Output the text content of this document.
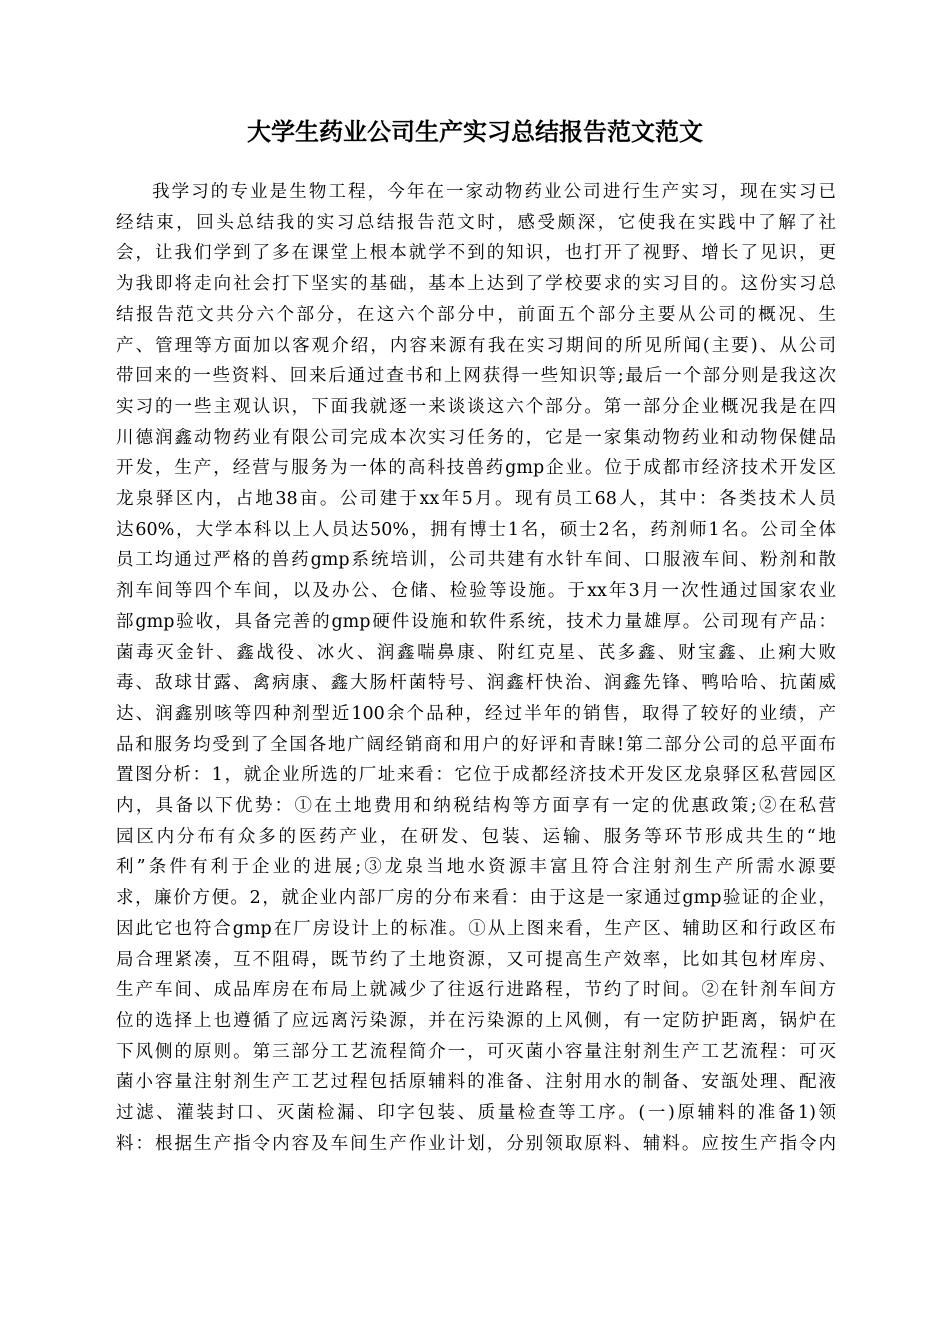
大学生药业公司生产实习总结报告范文范文
我学习的专业是生物工程，今年在一家动物药业公司进行生产实习，现在实习已
经结束，回头总结我的实习总结报告范文时，感受颇深，它使我在实践中了解了社
会，让我们学到了多在课堂上根本就学不到的知识，也打开了视野、增长了见识，更
为我即将走向社会打下坚实的基础，基本上达到了学校要求的实习目的。这份实习总
结报告范文共分六个部分，在这六个部分中，前面五个部分主要从公司的概况、生
产、管理等方面加以客观介绍，内容来源有我在实习期间的所见所闻(主要)、从公司
带回来的一些资料、回来后通过查书和上网获得一些知识等;最后一个部分则是我这次
实习的一些主观认识，下面我就逐一来谈谈这六个部分。第一部分企业概况我是在四
川德润鑫动物药业有限公司完成本次实习任务的，它是一家集动物药业和动物保健品
开发，生产，经营与服务为一体的高科技兽药gmp企业。位于成都市经济技术开发区
龙泉驿区内，占地38亩。公司建于xx年5月。现有员工68人，其中：各类技术人员
达60%，大学本科以上人员达50%，拥有博士1名，硕士2名，药剂师1名。公司全体
员工均通过严格的兽药gmp系统培训，公司共建有水针车间、口服液车间、粉剂和散
剂车间等四个车间，以及办公、仓储、检验等设施。于xx年3月一次性通过国家农业
部gmp验收，具备完善的gmp硬件设施和软件系统，技术力量雄厚。公司现有产品：
菌毒灭金针、鑫战役、冰火、润鑫喘鼻康、附红克星、芪多鑫、财宝鑫、止痢大败
毒、敌球甘露、禽病康、鑫大肠杆菌特号、润鑫杆快治、润鑫先锋、鸭哈哈、抗菌威
达、润鑫别咳等四种剂型近100余个品种，经过半年的销售，取得了较好的业绩，产
品和服务均受到了全国各地广阔经销商和用户的好评和青睐!第二部分公司的总平面布
置图分析：1，就企业所选的厂址来看：它位于成都经济技术开发区龙泉驿区私营园区
内，具备以下优势：①在土地费用和纳税结构等方面享有一定的优惠政策;②在私营
园区内分布有众多的医药产业，在研发、包装、运输、服务等环节形成共生的“地
利”条件有利于企业的进展;③龙泉当地水资源丰富且符合注射剂生产所需水源要
求，廉价方便。2，就企业内部厂房的分布来看：由于这是一家通过gmp验证的企业，
因此它也符合gmp在厂房设计上的标准。①从上图来看，生产区、辅助区和行政区布
局合理紧凑，互不阻碍，既节约了土地资源，又可提高生产效率，比如其包材库房、
生产车间、成品库房在布局上就减少了往返行进路程，节约了时间。②在针剂车间方
位的选择上也遵循了应远离污染源，并在污染源的上风侧，有一定防护距离，锅炉在
下风侧的原则。第三部分工艺流程简介一，可灭菌小容量注射剂生产工艺流程：可灭
菌小容量注射剂生产工艺过程包括原辅料的准备、注射用水的制备、安瓿处理、配液
过滤、灌装封口、灭菌检漏、印字包装、质量检查等工序。(一)原辅料的准备1)领
料：根据生产指令内容及车间生产作业计划，分别领取原料、辅料。应按生产指令内
